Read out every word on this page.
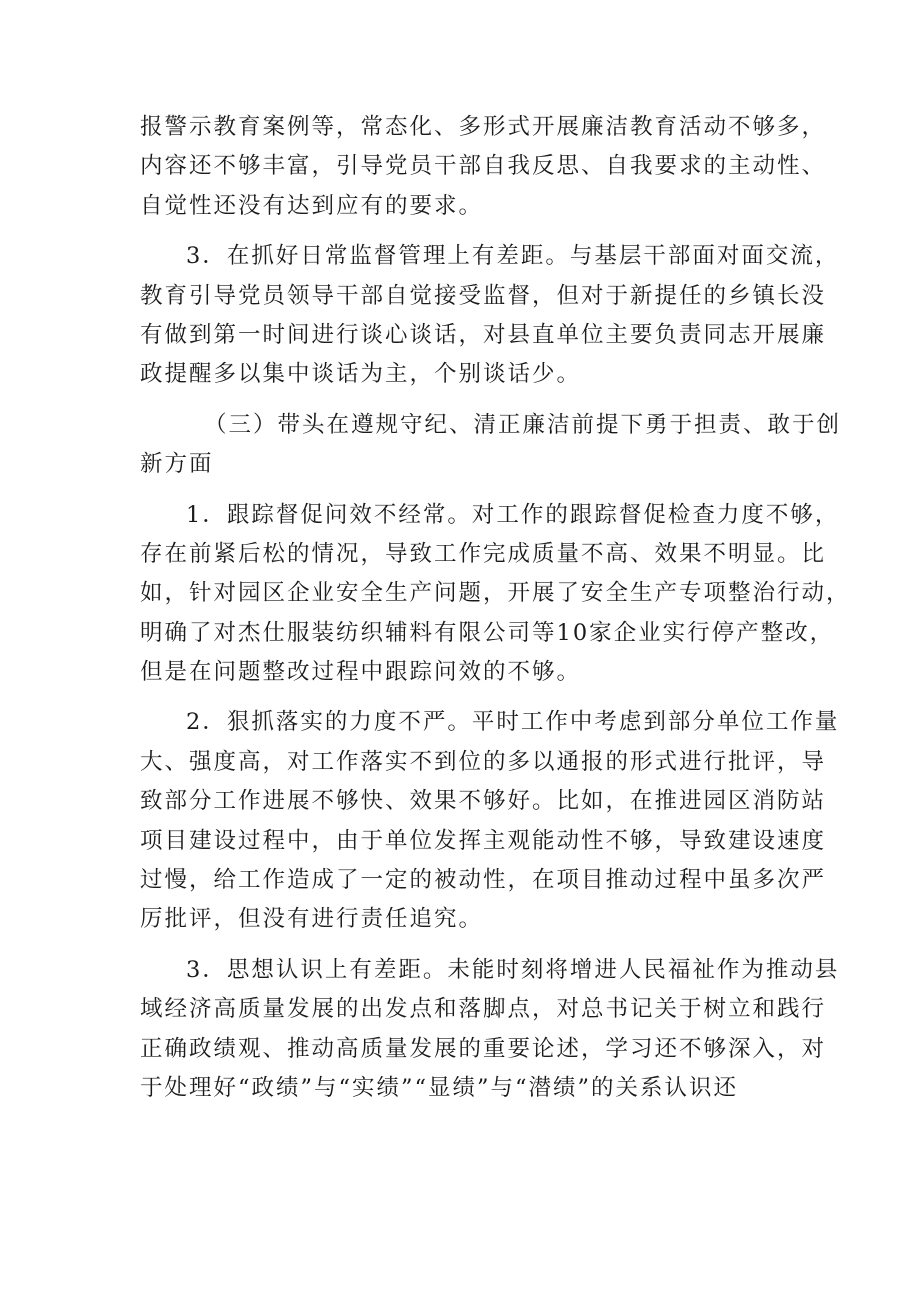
报警示教育案例等，常态化、多形式开展廉洁教育活动不够多，
内容还不够丰富，引导党员干部自我反思、自我要求的主动性、
自觉性还没有达到应有的要求。
3．在抓好日常监督管理上有差距。与基层干部面对面交流，
教育引导党员领导干部自觉接受监督，但对于新提任的乡镇长没
有做到第一时间进行谈心谈话，对县直单位主要负责同志开展廉
政提醒多以集中谈话为主，个别谈话少。
（三）带头在遵规守纪、清正廉洁前提下勇于担责、敢于创
新方面
1．跟踪督促问效不经常。对工作的跟踪督促检查力度不够，
存在前紧后松的情况，导致工作完成质量不高、效果不明显。比
如，针对园区企业安全生产问题，开展了安全生产专项整治行动，
明确了对杰仕服装纺织辅料有限公司等10家企业实行停产整改，
但是在问题整改过程中跟踪问效的不够。
2．狠抓落实的力度不严。平时工作中考虑到部分单位工作量
大、强度高，对工作落实不到位的多以通报的形式进行批评，导
致部分工作进展不够快、效果不够好。比如，在推进园区消防站
项目建设过程中，由于单位发挥主观能动性不够，导致建设速度
过慢，给工作造成了一定的被动性，在项目推动过程中虽多次严
厉批评，但没有进行责任追究。
3．思想认识上有差距。未能时刻将增进人民福祉作为推动县
域经济高质量发展的出发点和落脚点，对总书记关于树立和践行
正确政绩观、推动高质量发展的重要论述，学习还不够深入，对
于处理好“政绩”与“实绩”“显绩”与“潜绩”的关系认识还
